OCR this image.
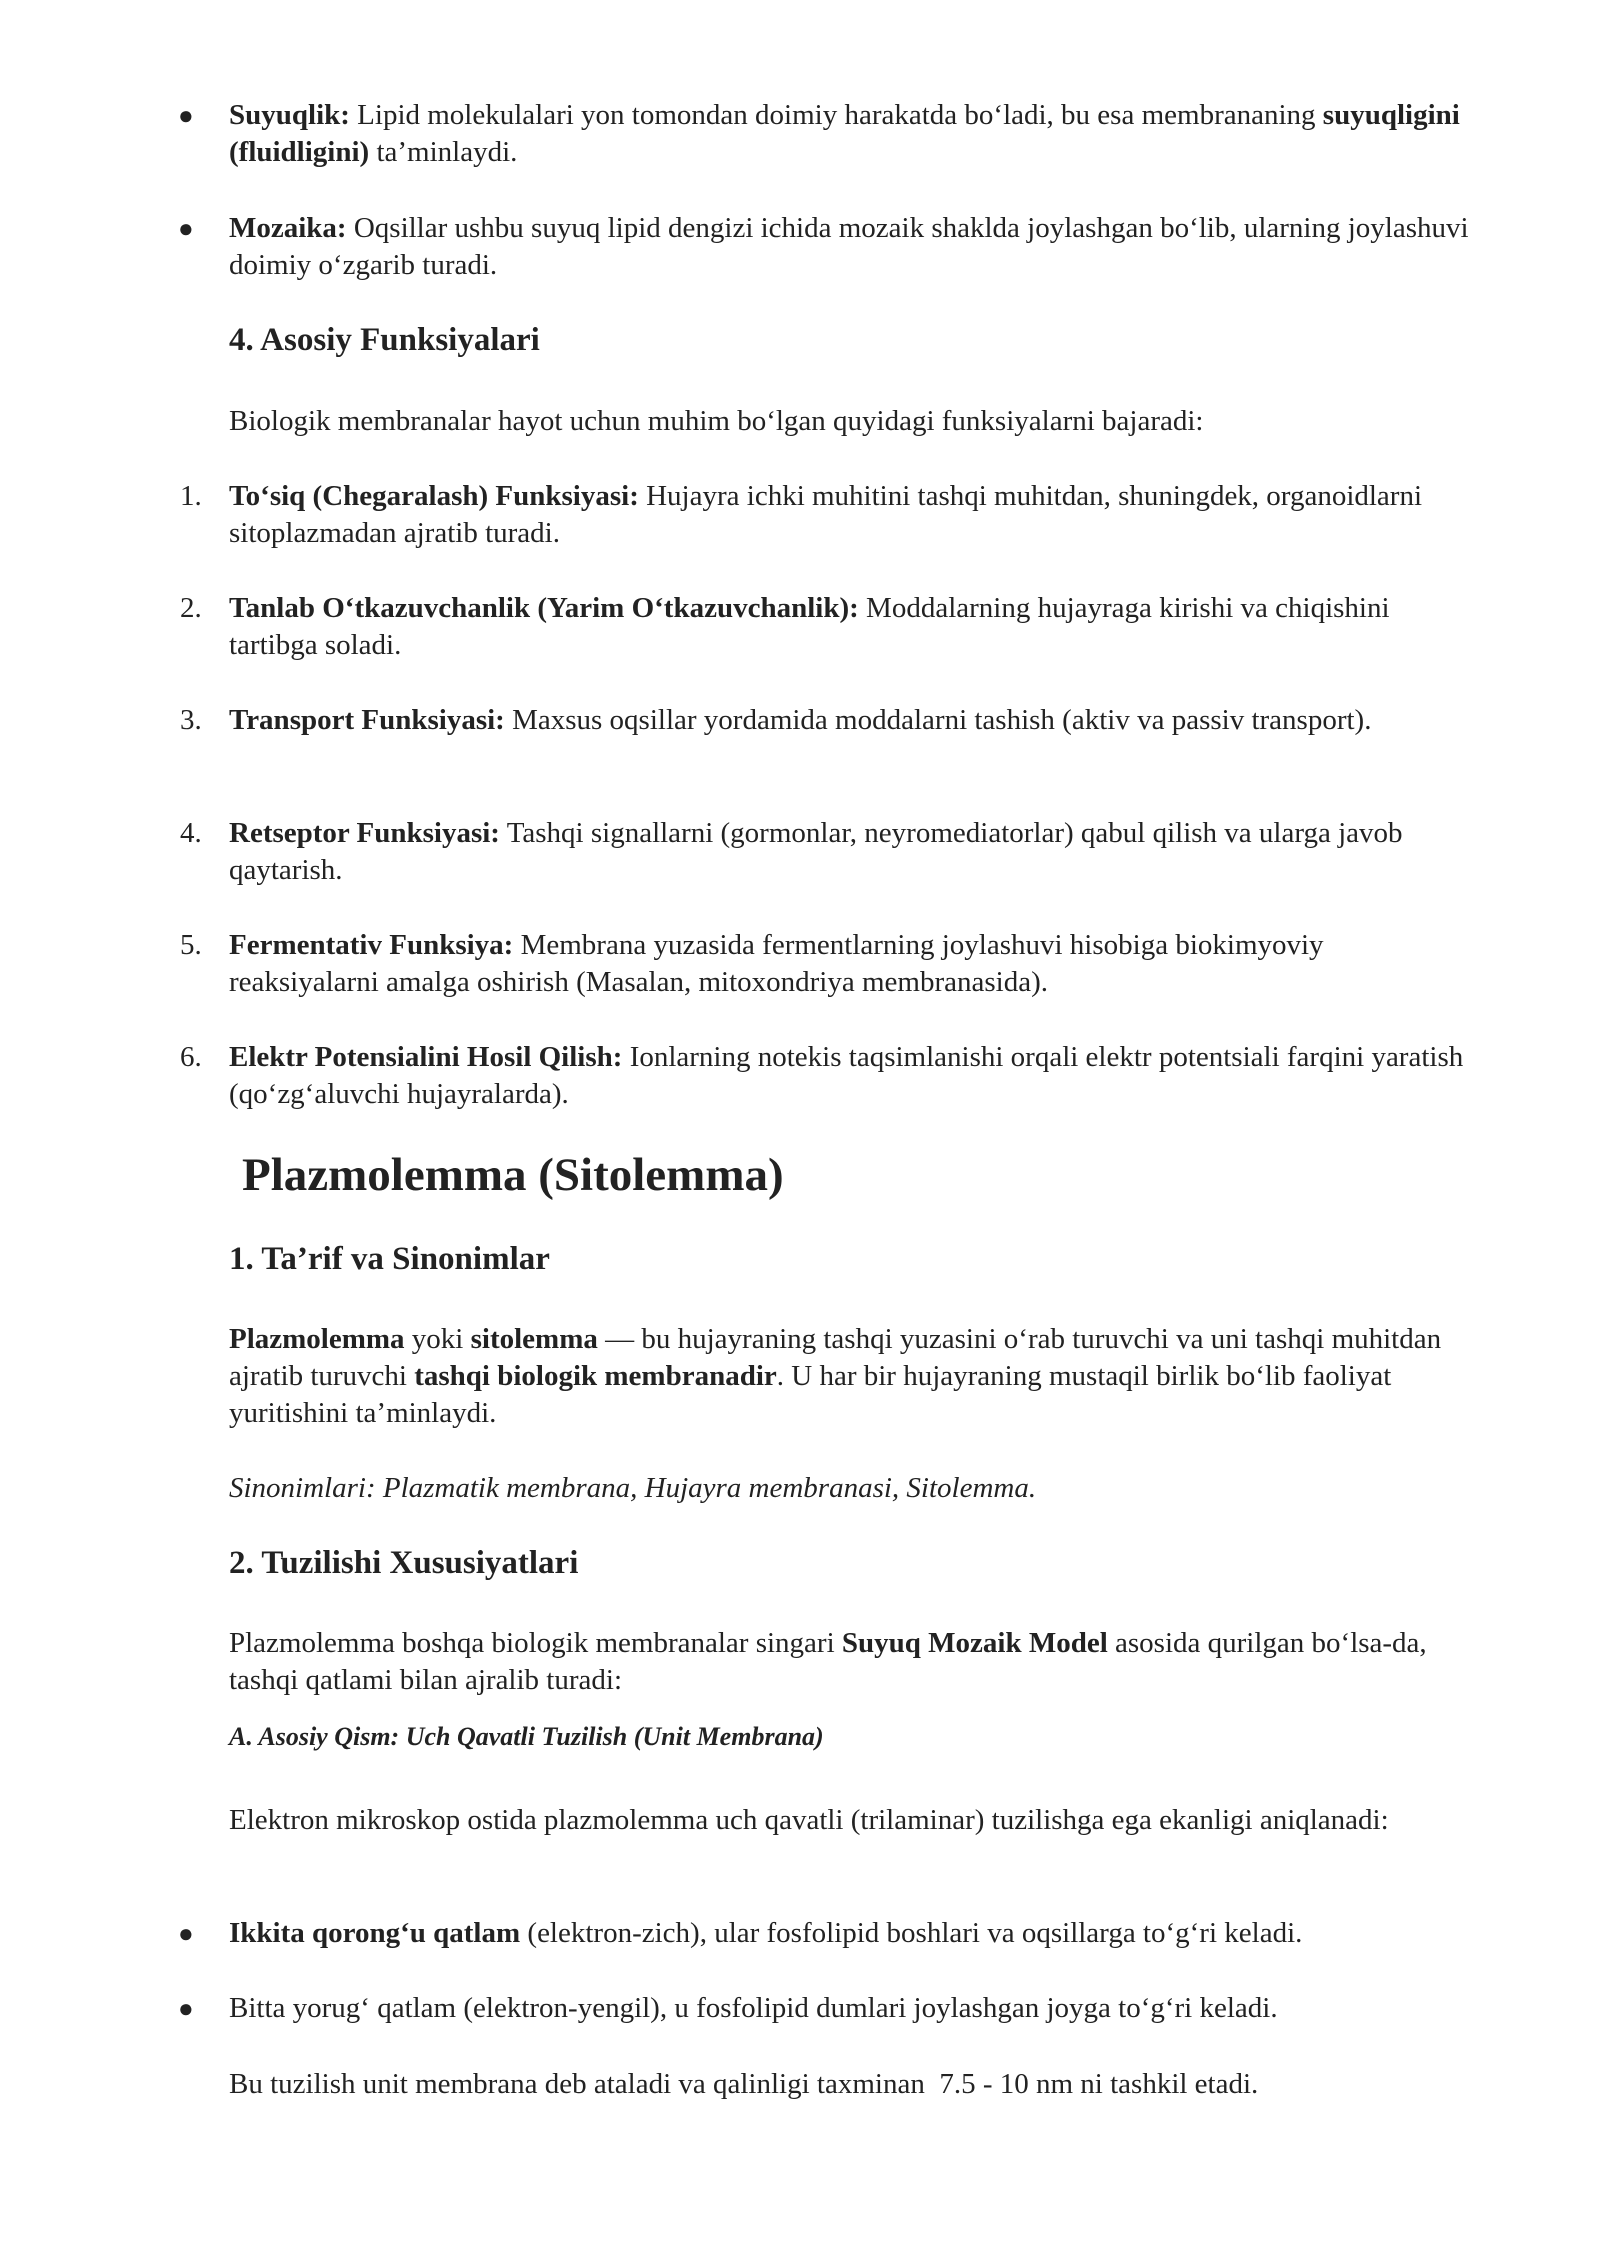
● Suyuqlik: Lipid molekulalari yon tomondan doimiy harakatda bo‘ladi, bu esa membrananing suyuqligini (fluidligini) ta’minlaydi.

● Mozaika: Oqsillar ushbu suyuq lipid dengizi ichida mozaik shaklda joylashgan bo‘lib, ularning joylashuvi doimiy o‘zgarib turadi.

4. Asosiy Funksiyalari

Biologik membranalar hayot uchun muhim bo‘lgan quyidagi funksiyalarni bajaradi:

1. To‘siq (Chegaralash) Funksiyasi: Hujayra ichki muhitini tashqi muhitdan, shuningdek, organoidlarni sitoplazmadan ajratib turadi.

2. Tanlab O‘tkazuvchanlik (Yarim O‘tkazuvchanlik): Moddalarning hujayraga kirishi va chiqishini tartibga soladi.

3. Transport Funksiyasi: Maxsus oqsillar yordamida moddalarni tashish (aktiv va passiv transport).

4. Retseptor Funksiyasi: Tashqi signallarni (gormonlar, neyromediatorlar) qabul qilish va ularga javob qaytarish.

5. Fermentativ Funksiya: Membrana yuzasida fermentlarning joylashuvi hisobiga biokimyoviy reaksiyalarni amalga oshirish (Masalan, mitoxondriya membranasida).

6. Elektr Potensialini Hosil Qilish: Ionlarning notekis taqsimlanishi orqali elektr potentsiali farqini yaratish (qo‘zg‘aluvchi hujayralarda).

Plazmolemma (Sitolemma)
1. Ta’rif va Sinonimlar

Plazmolemma yoki sitolemma — bu hujayraning tashqi yuzasini o‘rab turuvchi va uni tashqi muhitdan ajratib turuvchi tashqi biologik membranadir. U har bir hujayraning mustaqil birlik bo‘lib faoliyat yuritishini ta’minlaydi.

Sinonimlari: Plazmatik membrana, Hujayra membranasi, Sitolemma.

2. Tuzilishi Xususiyatlari

Plazmolemma boshqa biologik membranalar singari Suyuq Mozaik Model asosida qurilgan bo‘lsa-da, tashqi qatlami bilan ajralib turadi:

A. Asosiy Qism: Uch Qavatli Tuzilish (Unit Membrana)

Elektron mikroskop ostida plazmolemma uch qavatli (trilaminar) tuzilishga ega ekanligi aniqlanadi:

● Ikkita qorong‘u qatlam (elektron-zich), ular fosfolipid boshlari va oqsillarga to‘g‘ri keladi.

● Bitta yorug‘ qatlam (elektron-yengil), u fosfolipid dumlari joylashgan joyga to‘g‘ri keladi.

Bu tuzilish unit membrana deb ataladi va qalinligi taxminan  7.5 - 10 nm ni tashkil etadi.
